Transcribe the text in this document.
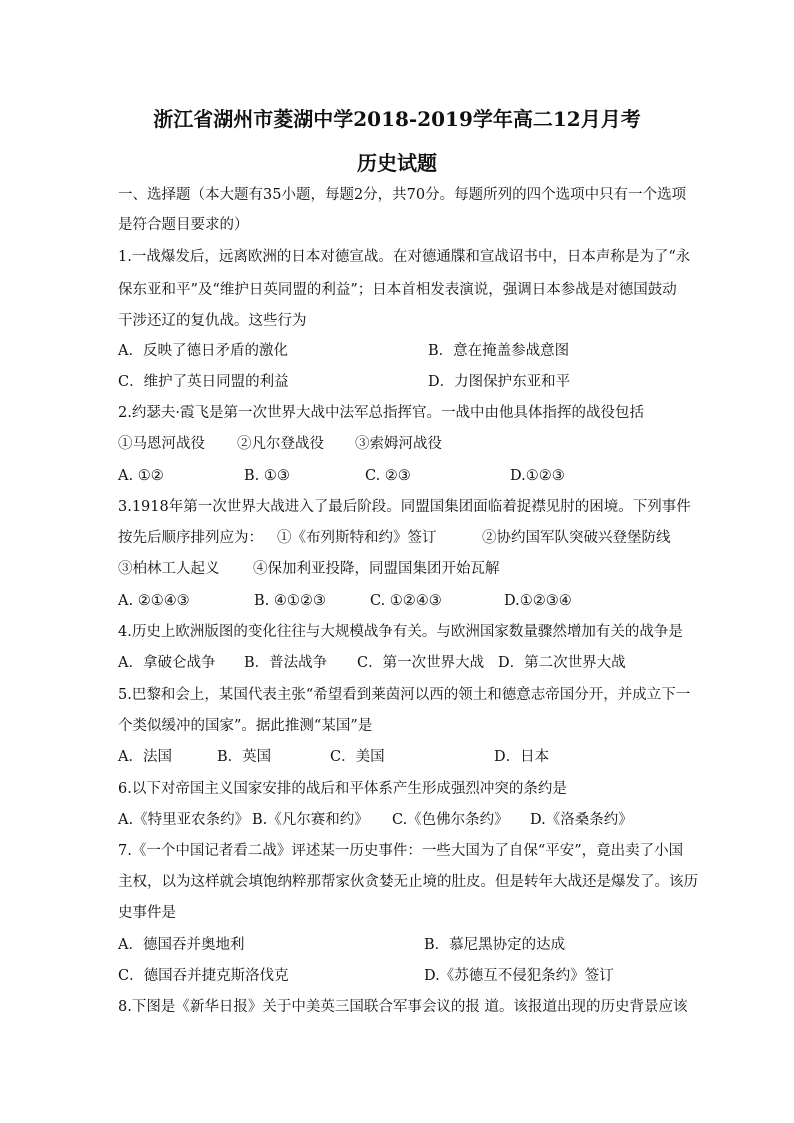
浙江省湖州市菱湖中学2018-2019学年高二12月月考
历史试题
一、选择题（本大题有35小题，每题2分，共70分。每题所列的四个选项中只有一个选项
是符合题目要求的）
1.一战爆发后，远离欧洲的日本对德宣战。在对德通牒和宣战诏书中，日本声称是为了“永
保东亚和平”及“维护日英同盟的利益”；日本首相发表演说，强调日本参战是对德国鼓动
干涉还辽的复仇战。这些行为
A．反映了德日矛盾的激化	B．意在掩盖参战意图
C．维护了英日同盟的利益	D．力图保护东亚和平
2.约瑟夫·霞飞是第一次世界大战中法军总指挥官。一战中由他具体指挥的战役包括
①马恩河战役 ②凡尔登战役 ③索姆河战役
A. ①②	B. ①③	C. ②③	D.①②③
3.1918年第一次世界大战进入了最后阶段。同盟国集团面临着捉襟见肘的困境。下列事件
按先后顺序排列应为： ①《布列斯特和约》签订	②协约国军队突破兴登堡防线
③柏林工人起义 ④保加利亚投降，同盟国集团开始瓦解
A. ②①④③	B. ④①②③	C. ①②④③	D.①②③④
4.历史上欧洲版图的变化往往与大规模战争有关。与欧洲国家数量骤然增加有关的战争是
A．拿破仑战争 B．普法战争 C．第一次世界大战 D．第二次世界大战
5.巴黎和会上，某国代表主张“希望看到莱茵河以西的领土和德意志帝国分开，并成立下一
个类似缓冲的国家”。据此推测“某国”是
A．法国	B．英国	C．美国	D．日本
6.以下对帝国主义国家安排的战后和平体系产生形成强烈冲突的条约是
A.《特里亚农条约》 B.《凡尔赛和约》 C.《色佛尔条约》 D.《洛桑条约》
7.《一个中国记者看二战》评述某一历史事件：一些大国为了自保“平安”，竟出卖了小国
主权，以为这样就会填饱纳粹那帮家伙贪婪无止境的肚皮。但是转年大战还是爆发了。该历
史事件是
A．德国吞并奥地利	B．慕尼黑协定的达成
C．德国吞并捷克斯洛伐克	D.《苏德互不侵犯条约》签订
8.下图是《新华日报》关于中美英三国联合军事会议的报 道。该报道出现的历史背景应该
